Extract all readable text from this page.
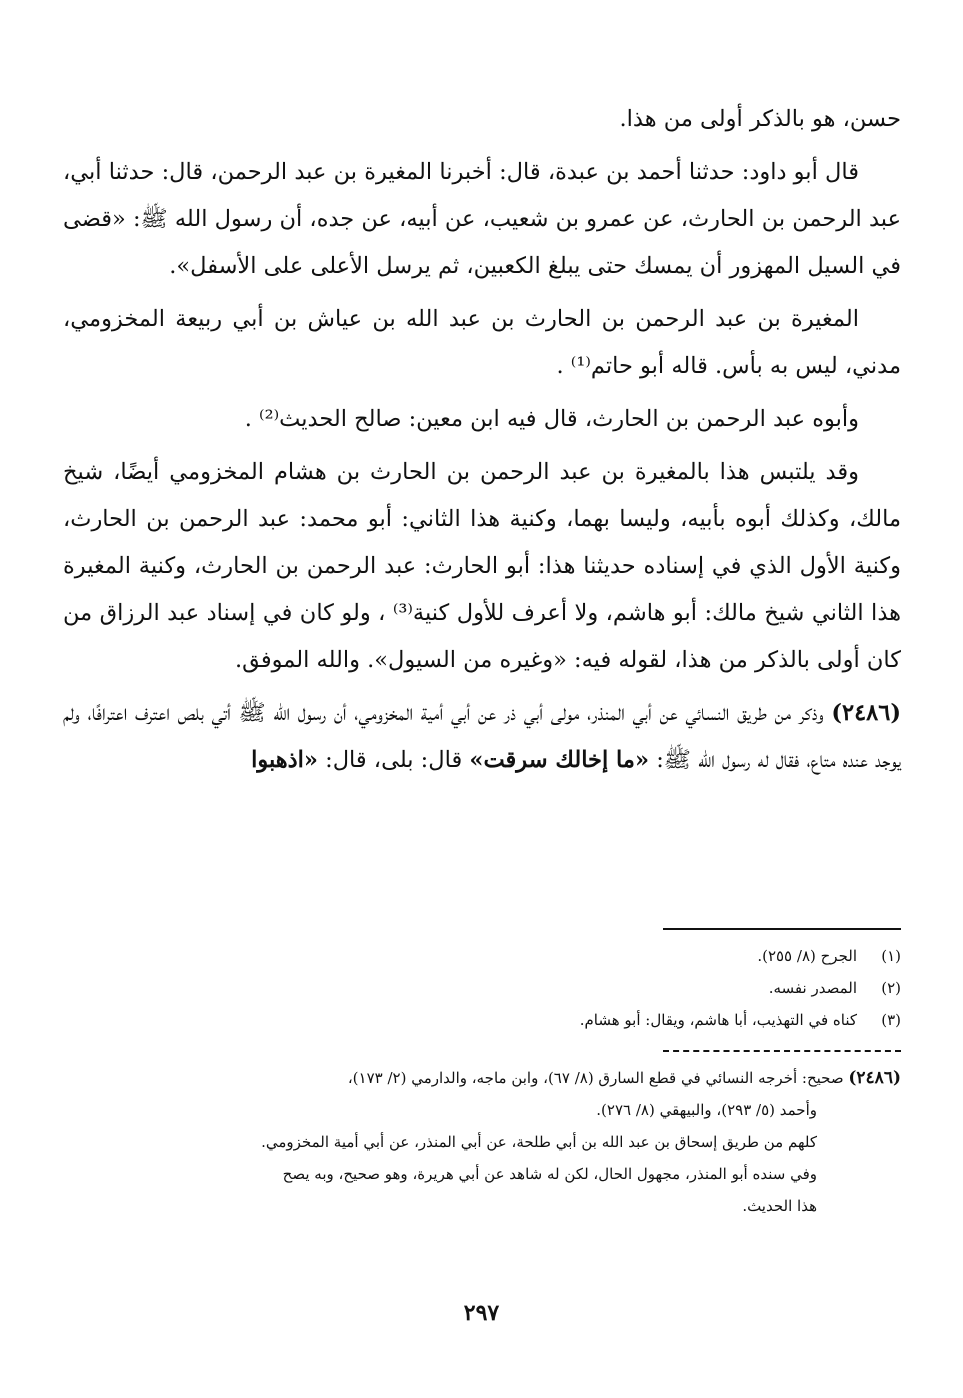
حسن، هو بالذكر أولى من هذا.

قال أبو داود: حدثنا أحمد بن عبدة، قال: أخبرنا المغيرة بن عبد الرحمن، قال: حدثنا أبي، عبد الرحمن بن الحارث، عن عمرو بن شعيب، عن أبيه، عن جده، أن رسول الله ﷺ: «قضى في السيل المهزور أن يمسك حتى يبلغ الكعبين، ثم يرسل الأعلى على الأسفل».

المغيرة بن عبد الرحمن بن الحارث بن عبد الله بن عياش بن أبي ربيعة المخزومي، مدني، ليس به بأس. قاله أبو حاتم⁽¹⁾ .

وأبوه عبد الرحمن بن الحارث، قال فيه ابن معين: صالح الحديث⁽²⁾ .

وقد يلتبس هذا بالمغيرة بن عبد الرحمن بن الحارث بن هشام المخزومي أيضًا، شيخ مالك، وكذلك أبوه بأبيه، وليسا بهما، وكنية هذا الثاني: أبو محمد: عبد الرحمن بن الحارث، وكنية الأول الذي في إسناده حديثنا هذا: أبو الحارث: عبد الرحمن بن الحارث، وكنية المغيرة هذا الثاني شيخ مالك: أبو هاشم، ولا أعرف للأول كنية⁽³⁾ ، ولو كان في إسناد عبد الرزاق من كان أولى بالذكر من هذا، لقوله فيه: «وغيره من السيول». والله الموفق.

(٢٤٨٦) وذكر من طريق النسائي عن أبي المنذر، مولى أبي ذر عن أبي أمية المخزومي، أن رسول الله ﷺ أتي بلص اعترف اعترافًا، ولم يوجد عنده متاع، فقال له رسول الله ﷺ: «ما إخالك سرقت» قال: بلى، قال: «اذهبوا

(١)الجرح (٨/ ٢٥٥).
(٢)المصدر نفسه.
(٣)كناه في التهذيب، أبا هاشم، ويقال: أبو هشام.
(٢٤٨٦) صحيح: أخرجه النسائي في قطع السارق (٨/ ٦٧)، وابن ماجه، والدارمي (٢/ ١٧٣)،
وأحمد (٥/ ٢٩٣)، والبيهقي (٨/ ٢٧٦).
كلهم من طريق إسحاق بن عبد الله بن أبي طلحة، عن أبي المنذر، عن أبي أمية المخزومي.
وفي سنده أبو المنذر، مجهول الحال، لكن له شاهد عن أبي هريرة، وهو صحيح، وبه يصح
هذا الحديث.
٢٩٧
